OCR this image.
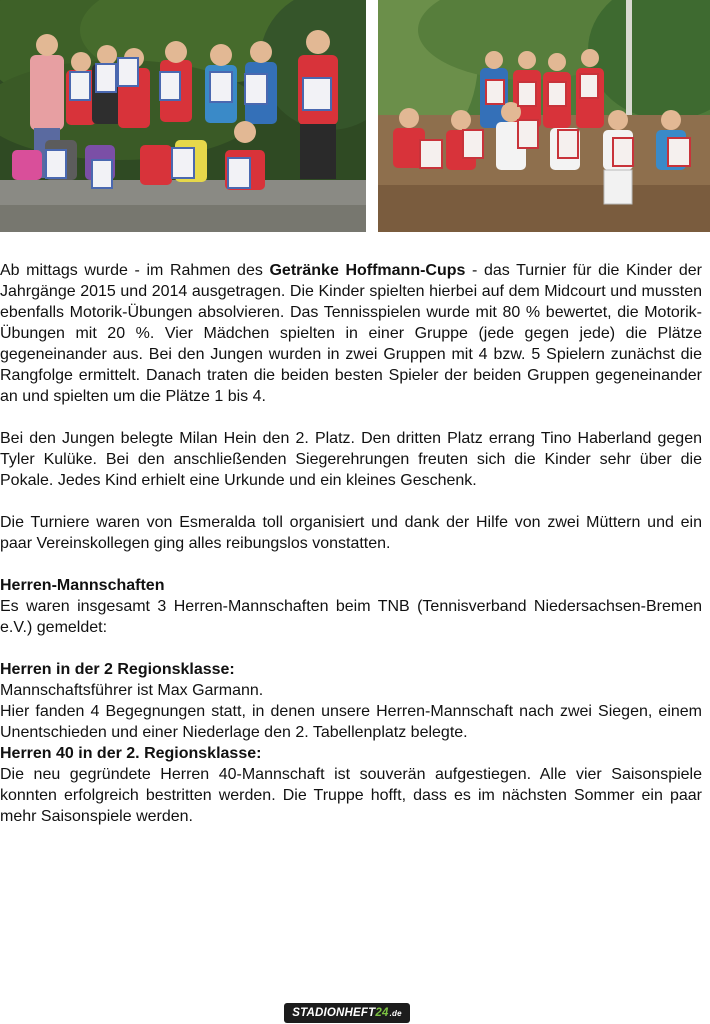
Ab mittags wurde - im Rahmen des Getränke Hoffmann-Cups - das Turnier für die Kinder der Jahrgänge 2015 und 2014 ausgetragen. Die Kinder spielten hierbei auf dem Midcourt und mussten ebenfalls Motorik-Übungen absolvieren. Das Tennisspielen wurde mit 80 % bewertet, die Motorik-Übungen mit 20 %. Vier Mädchen spielten in einer Gruppe (jede gegen jede) die Plätze gegeneinander aus. Bei den Jungen wurden in zwei Gruppen mit 4 bzw. 5 Spielern zunächst die Rangfolge ermittelt. Danach traten die beiden besten Spieler der beiden Gruppen gegeneinander an und spielten um die Plätze 1 bis 4.

Bei den Jungen belegte Milan Hein den 2. Platz. Den dritten Platz errang Tino Haberland gegen Tyler Kulüke. Bei den anschließenden Siegerehrungen freuten sich die Kinder sehr über die Pokale. Jedes Kind erhielt eine Urkunde und ein kleines Geschenk.

Die Turniere waren von Esmeralda toll organisiert und dank der Hilfe von zwei Müttern und ein paar Vereinskollegen ging alles reibungslos vonstatten.

Herren-Mannschaften

Es waren insgesamt 3 Herren-Mannschaften beim TNB (Tennisverband Niedersachsen-Bremen e.V.) gemeldet:

Herren in der 2 Regionsklasse:

Mannschaftsführer ist Max Garmann.

Hier fanden 4 Begegnungen statt, in denen unsere Herren-Mannschaft nach zwei Siegen, einem Unentschieden und einer Niederlage den 2. Tabellenplatz belegte.

Herren 40 in der 2. Regionsklasse:

Die neu gegründete Herren 40-Mannschaft ist souverän aufgestiegen. Alle vier Saisonspiele konnten erfolgreich bestritten werden. Die Truppe hofft, dass es im nächsten Sommer ein paar mehr Saisonspiele werden.

STADIONHEFT 24 .de
